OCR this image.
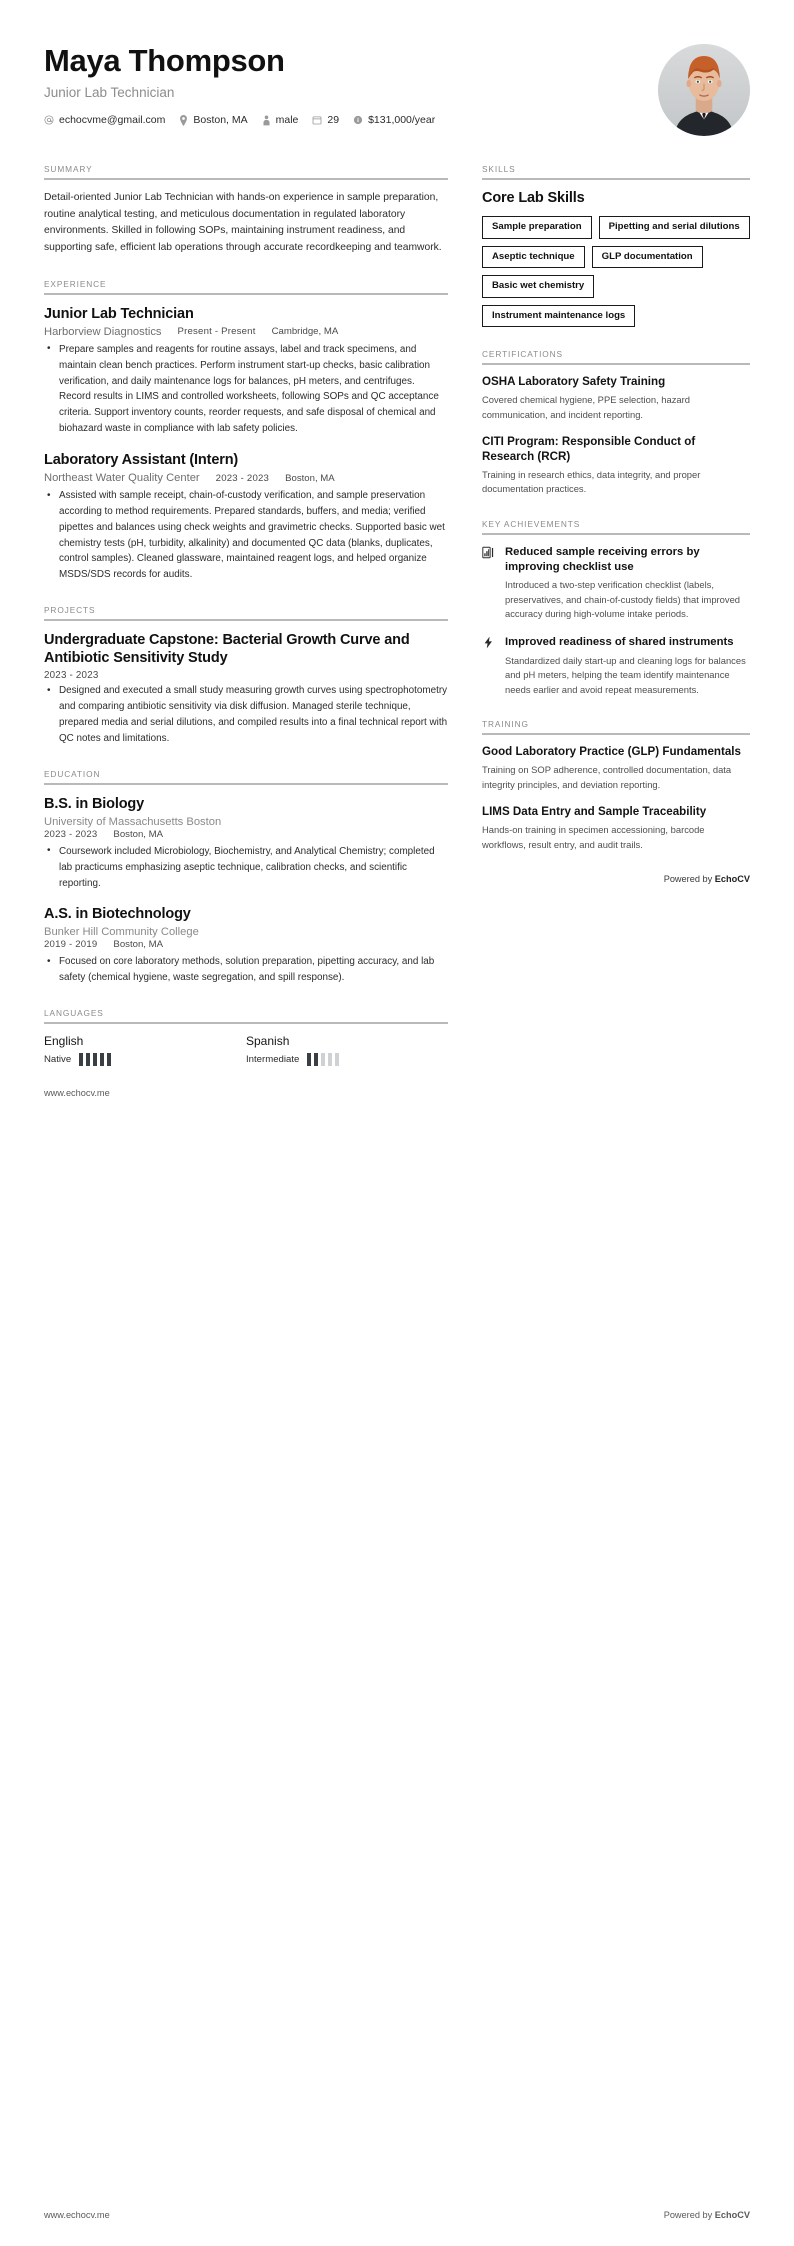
Maya Thompson
Junior Lab Technician
echocvme@gmail.com	Boston, MA	male	29	$131,000/year
SUMMARY
Detail-oriented Junior Lab Technician with hands-on experience in sample preparation, routine analytical testing, and meticulous documentation in regulated laboratory environments. Skilled in following SOPs, maintaining instrument readiness, and supporting safe, efficient lab operations through accurate recordkeeping and teamwork.
EXPERIENCE
Junior Lab Technician
Harborview Diagnostics Present - Present Cambridge, MA
• Prepare samples and reagents for routine assays, label and track specimens, and maintain clean bench practices. Perform instrument start-up checks, basic calibration verification, and daily maintenance logs for balances, pH meters, and centrifuges. Record results in LIMS and controlled worksheets, following SOPs and QC acceptance criteria. Support inventory counts, reorder requests, and safe disposal of chemical and biohazard waste in compliance with lab safety policies.
Laboratory Assistant (Intern)
Northeast Water Quality Center 2023 - 2023 Boston, MA
• Assisted with sample receipt, chain-of-custody verification, and sample preservation according to method requirements. Prepared standards, buffers, and media; verified pipettes and balances using check weights and gravimetric checks. Supported basic wet chemistry tests (pH, turbidity, alkalinity) and documented QC data (blanks, duplicates, control samples). Cleaned glassware, maintained reagent logs, and helped organize MSDS/SDS records for audits.
PROJECTS
Undergraduate Capstone: Bacterial Growth Curve and Antibiotic Sensitivity Study
2023 - 2023
• Designed and executed a small study measuring growth curves using spectrophotometry and comparing antibiotic sensitivity via disk diffusion. Managed sterile technique, prepared media and serial dilutions, and compiled results into a final technical report with QC notes and limitations.
EDUCATION
B.S. in Biology
University of Massachusetts Boston
2023 - 2023 Boston, MA
• Coursework included Microbiology, Biochemistry, and Analytical Chemistry; completed lab practicums emphasizing aseptic technique, calibration checks, and scientific reporting.
A.S. in Biotechnology
Bunker Hill Community College
2019 - 2019 Boston, MA
• Focused on core laboratory methods, solution preparation, pipetting accuracy, and lab safety (chemical hygiene, waste segregation, and spill response).
LANGUAGES
English
Native
Spanish
Intermediate
www.echocv.me
SKILLS
Core Lab Skills
Sample preparation	Pipetting and serial dilutions
Aseptic technique	GLP documentation
Basic wet chemistry
Instrument maintenance logs
CERTIFICATIONS
OSHA Laboratory Safety Training
Covered chemical hygiene, PPE selection, hazard communication, and incident reporting.
CITI Program: Responsible Conduct of Research (RCR)
Training in research ethics, data integrity, and proper documentation practices.
KEY ACHIEVEMENTS
Reduced sample receiving errors by improving checklist use
Introduced a two-step verification checklist (labels, preservatives, and chain-of-custody fields) that improved accuracy during high-volume intake periods.
Improved readiness of shared instruments
Standardized daily start-up and cleaning logs for balances and pH meters, helping the team identify maintenance needs earlier and avoid repeat measurements.
TRAINING
Good Laboratory Practice (GLP) Fundamentals
Training on SOP adherence, controlled documentation, data integrity principles, and deviation reporting.
LIMS Data Entry and Sample Traceability
Hands-on training in specimen accessioning, barcode workflows, result entry, and audit trails.
Powered by EchoCV
www.echocv.me	Powered by EchoCV
